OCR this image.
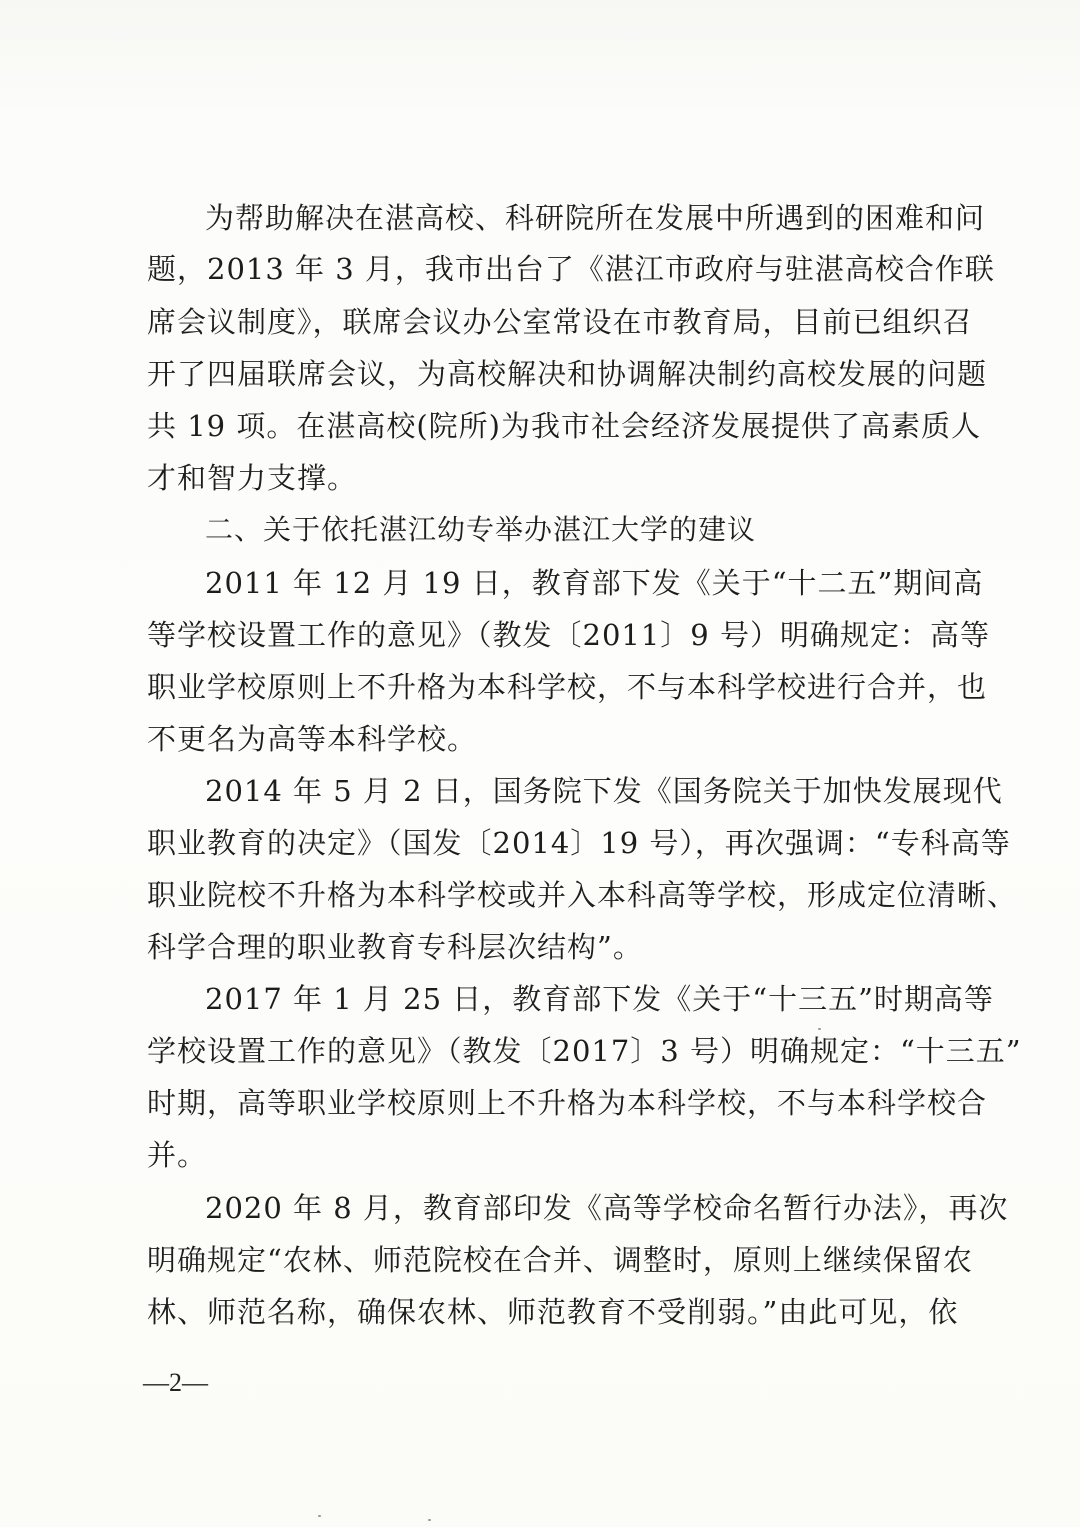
为帮助解决在湛高校、科研院所在发展中所遇到的困难和问
题，2013 年 3 月，我市出台了《湛江市政府与驻湛高校合作联
席会议制度》，联席会议办公室常设在市教育局，目前已组织召
开了四届联席会议，为高校解决和协调解决制约高校发展的问题
共 19 项。在湛高校(院所)为我市社会经济发展提供了高素质人
才和智力支撑。
二、关于依托湛江幼专举办湛江大学的建议
2011 年 12 月 19 日，教育部下发《关于“十二五”期间高
等学校设置工作的意见》（教发〔2011〕9 号）明确规定：高等
职业学校原则上不升格为本科学校，不与本科学校进行合并，也
不更名为高等本科学校。
2014 年 5 月 2 日，国务院下发《国务院关于加快发展现代
职业教育的决定》（国发〔2014〕19 号），再次强调：“专科高等
职业院校不升格为本科学校或并入本科高等学校，形成定位清晰、
科学合理的职业教育专科层次结构”。
2017 年 1 月 25 日，教育部下发《关于“十三五”时期高等
学校设置工作的意见》（教发〔2017〕3 号）明确规定：“十三五”
时期，高等职业学校原则上不升格为本科学校，不与本科学校合
并。
2020 年 8 月，教育部印发《高等学校命名暂行办法》，再次
明确规定“农林、师范院校在合并、调整时，原则上继续保留农
林、师范名称，确保农林、师范教育不受削弱。”由此可见，依
—2—
